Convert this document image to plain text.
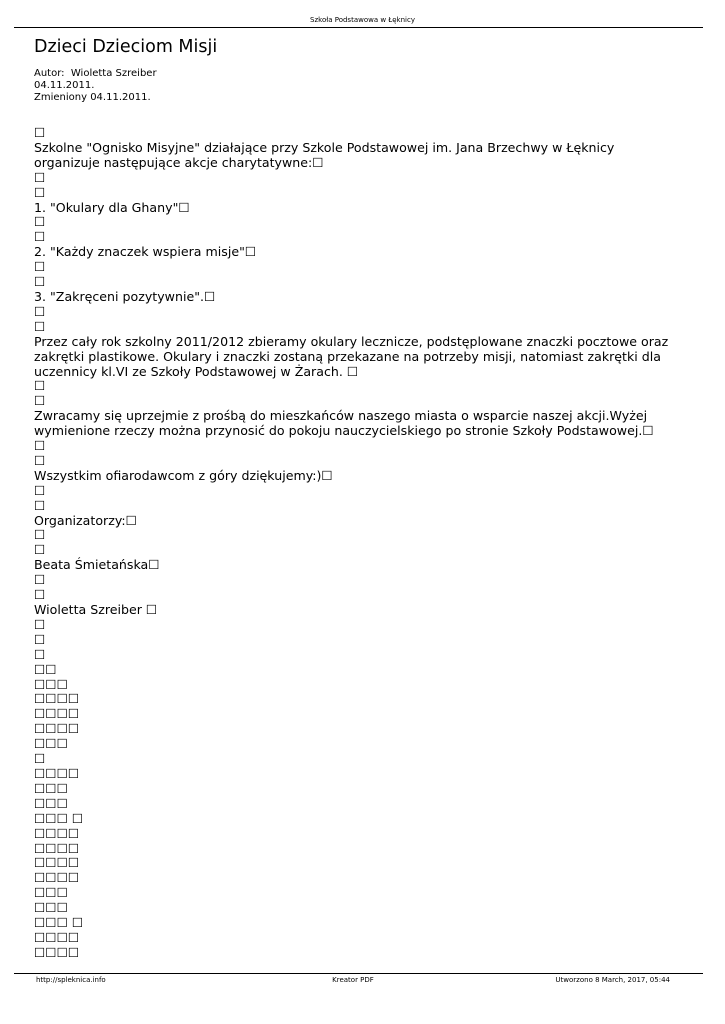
Szkoła Podstawowa w Łęknicy
Dzieci Dzieciom Misji
Autor:  Wioletta Szreiber
04.11.2011.
Zmieniony 04.11.2011.
☐
Szkolne "Ognisko Misyjne" działające przy Szkole Podstawowej im. Jana Brzechwy w Łęknicy organizuje następujące akcje charytatywne:☐
☐
☐
1. "Okulary dla Ghany"☐
☐
☐
2. "Każdy znaczek wspiera misje"☐
☐
☐
3. "Zakręceni pozytywnie".☐
☐
☐
Przez cały rok szkolny 2011/2012 zbieramy okulary lecznicze, podstęplowane znaczki pocztowe oraz zakrętki plastikowe. Okulary i znaczki zostaną przekazane na potrzeby misji, natomiast zakrętki dla uczennicy kl.VI ze Szkoły Podstawowej w Żarach. ☐
☐
☐
Zwracamy się uprzejmie z prośbą do mieszkańców naszego miasta o wsparcie naszej akcji.Wyżej wymienione rzeczy można przynosić do pokoju nauczycielskiego po stronie Szkoły Podstawowej.☐
☐
☐
Wszystkim ofiarodawcom z góry dziękujemy:)☐
☐
☐
Organizatorzy:☐
☐
☐
Beata Śmietańska☐
☐
☐
Wioletta Szreiber ☐
☐
☐
☐
☐☐
☐☐☐
☐☐☐☐
☐☐☐☐
☐☐☐☐
☐☐☐
☐
☐☐☐☐
☐☐☐
☐☐☐
☐☐☐ ☐
☐☐☐☐
☐☐☐☐
☐☐☐☐
☐☐☐☐
☐☐☐
☐☐☐
☐☐☐ ☐
☐☐☐☐
☐☐☐☐
http://spleknica.info	Kreator PDF	Utworzono 8 March, 2017, 05:44
